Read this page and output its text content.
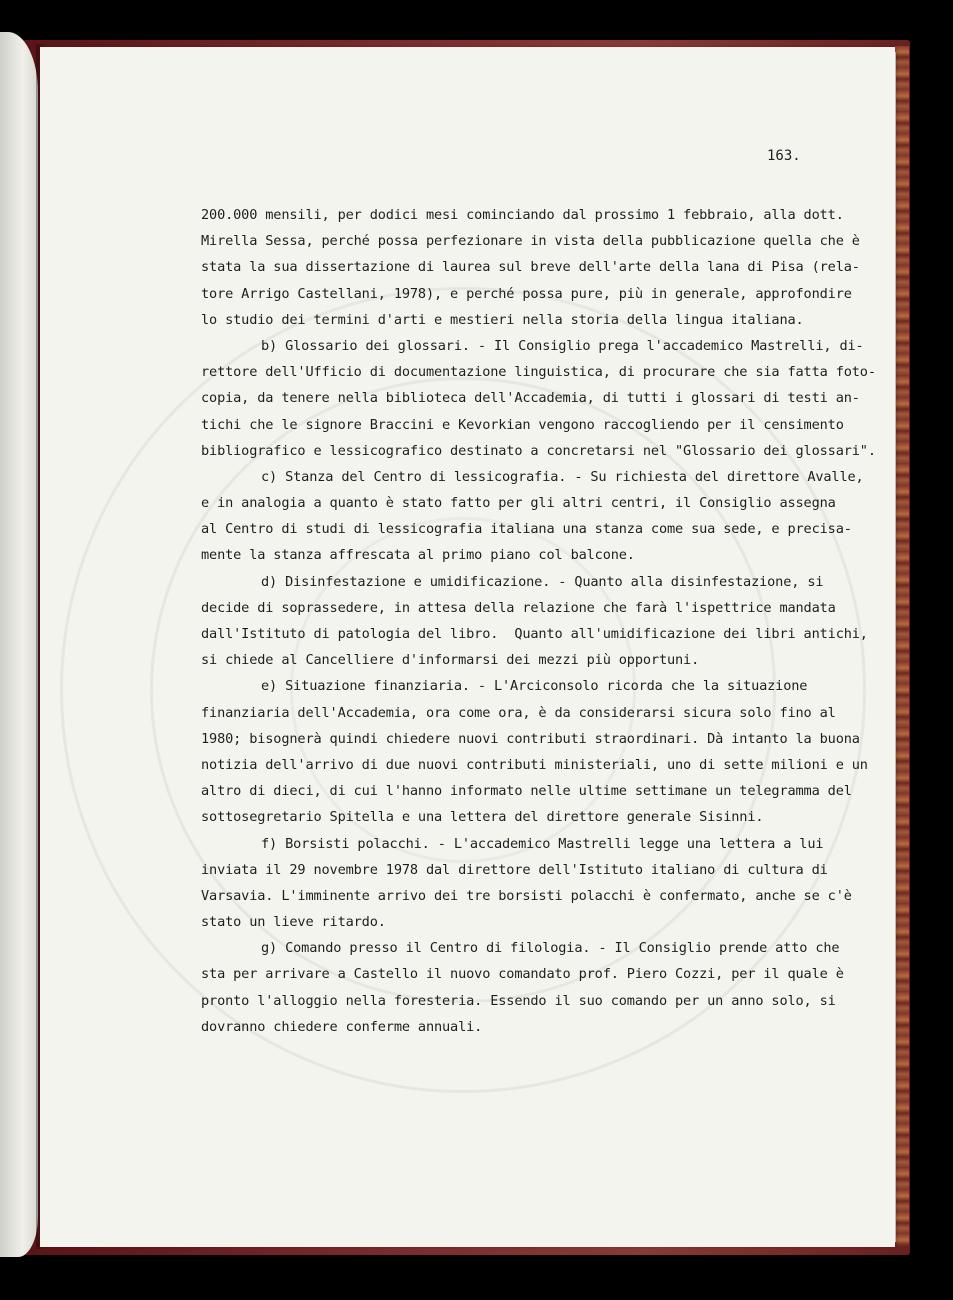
163.
200.000 mensili, per dodici mesi cominciando dal prossimo 1 febbraio, alla dott.
Mirella Sessa, perché possa perfezionare in vista della pubblicazione quella che è
stata la sua dissertazione di laurea sul breve dell'arte della lana di Pisa (rela-
tore Arrigo Castellani, 1978), e perché possa pure, più in generale, approfondire
lo studio dei termini d'arti e mestieri nella storia della lingua italiana.
b) Glossario dei glossari. - Il Consiglio prega l'accademico Mastrelli, di-
rettore dell'Ufficio di documentazione linguistica, di procurare che sia fatta foto-
copia, da tenere nella biblioteca dell'Accademia, di tutti i glossari di testi an-
tichi che le signore Braccini e Kevorkian vengono raccogliendo per il censimento
bibliografico e lessicografico destinato a concretarsi nel "Glossario dei glossari".
c) Stanza del Centro di lessicografia. - Su richiesta del direttore Avalle,
e in analogia a quanto è stato fatto per gli altri centri, il Consiglio assegna
al Centro di studi di lessicografia italiana una stanza come sua sede, e precisa-
mente la stanza affrescata al primo piano col balcone.
d) Disinfestazione e umidificazione. - Quanto alla disinfestazione, si
decide di soprassedere, in attesa della relazione che farà l'ispettrice mandata
dall'Istituto di patologia del libro.  Quanto all'umidificazione dei libri antichi,
si chiede al Cancelliere d'informarsi dei mezzi più opportuni.
e) Situazione finanziaria. - L'Arciconsolo ricorda che la situazione
finanziaria dell'Accademia, ora come ora, è da considerarsi sicura solo fino al
1980; bisognerà quindi chiedere nuovi contributi straordinari. Dà intanto la buona
notizia dell'arrivo di due nuovi contributi ministeriali, uno di sette milioni e un
altro di dieci, di cui l'hanno informato nelle ultime settimane un telegramma del
sottosegretario Spitella e una lettera del direttore generale Sisinni.
f) Borsisti polacchi. - L'accademico Mastrelli legge una lettera a lui
inviata il 29 novembre 1978 dal direttore dell'Istituto italiano di cultura di
Varsavia. L'imminente arrivo dei tre borsisti polacchi è confermato, anche se c'è
stato un lieve ritardo.
g) Comando presso il Centro di filologia. - Il Consiglio prende atto che
sta per arrivare a Castello il nuovo comandato prof. Piero Cozzi, per il quale è
pronto l'alloggio nella foresteria. Essendo il suo comando per un anno solo, si
dovranno chiedere conferme annuali.
